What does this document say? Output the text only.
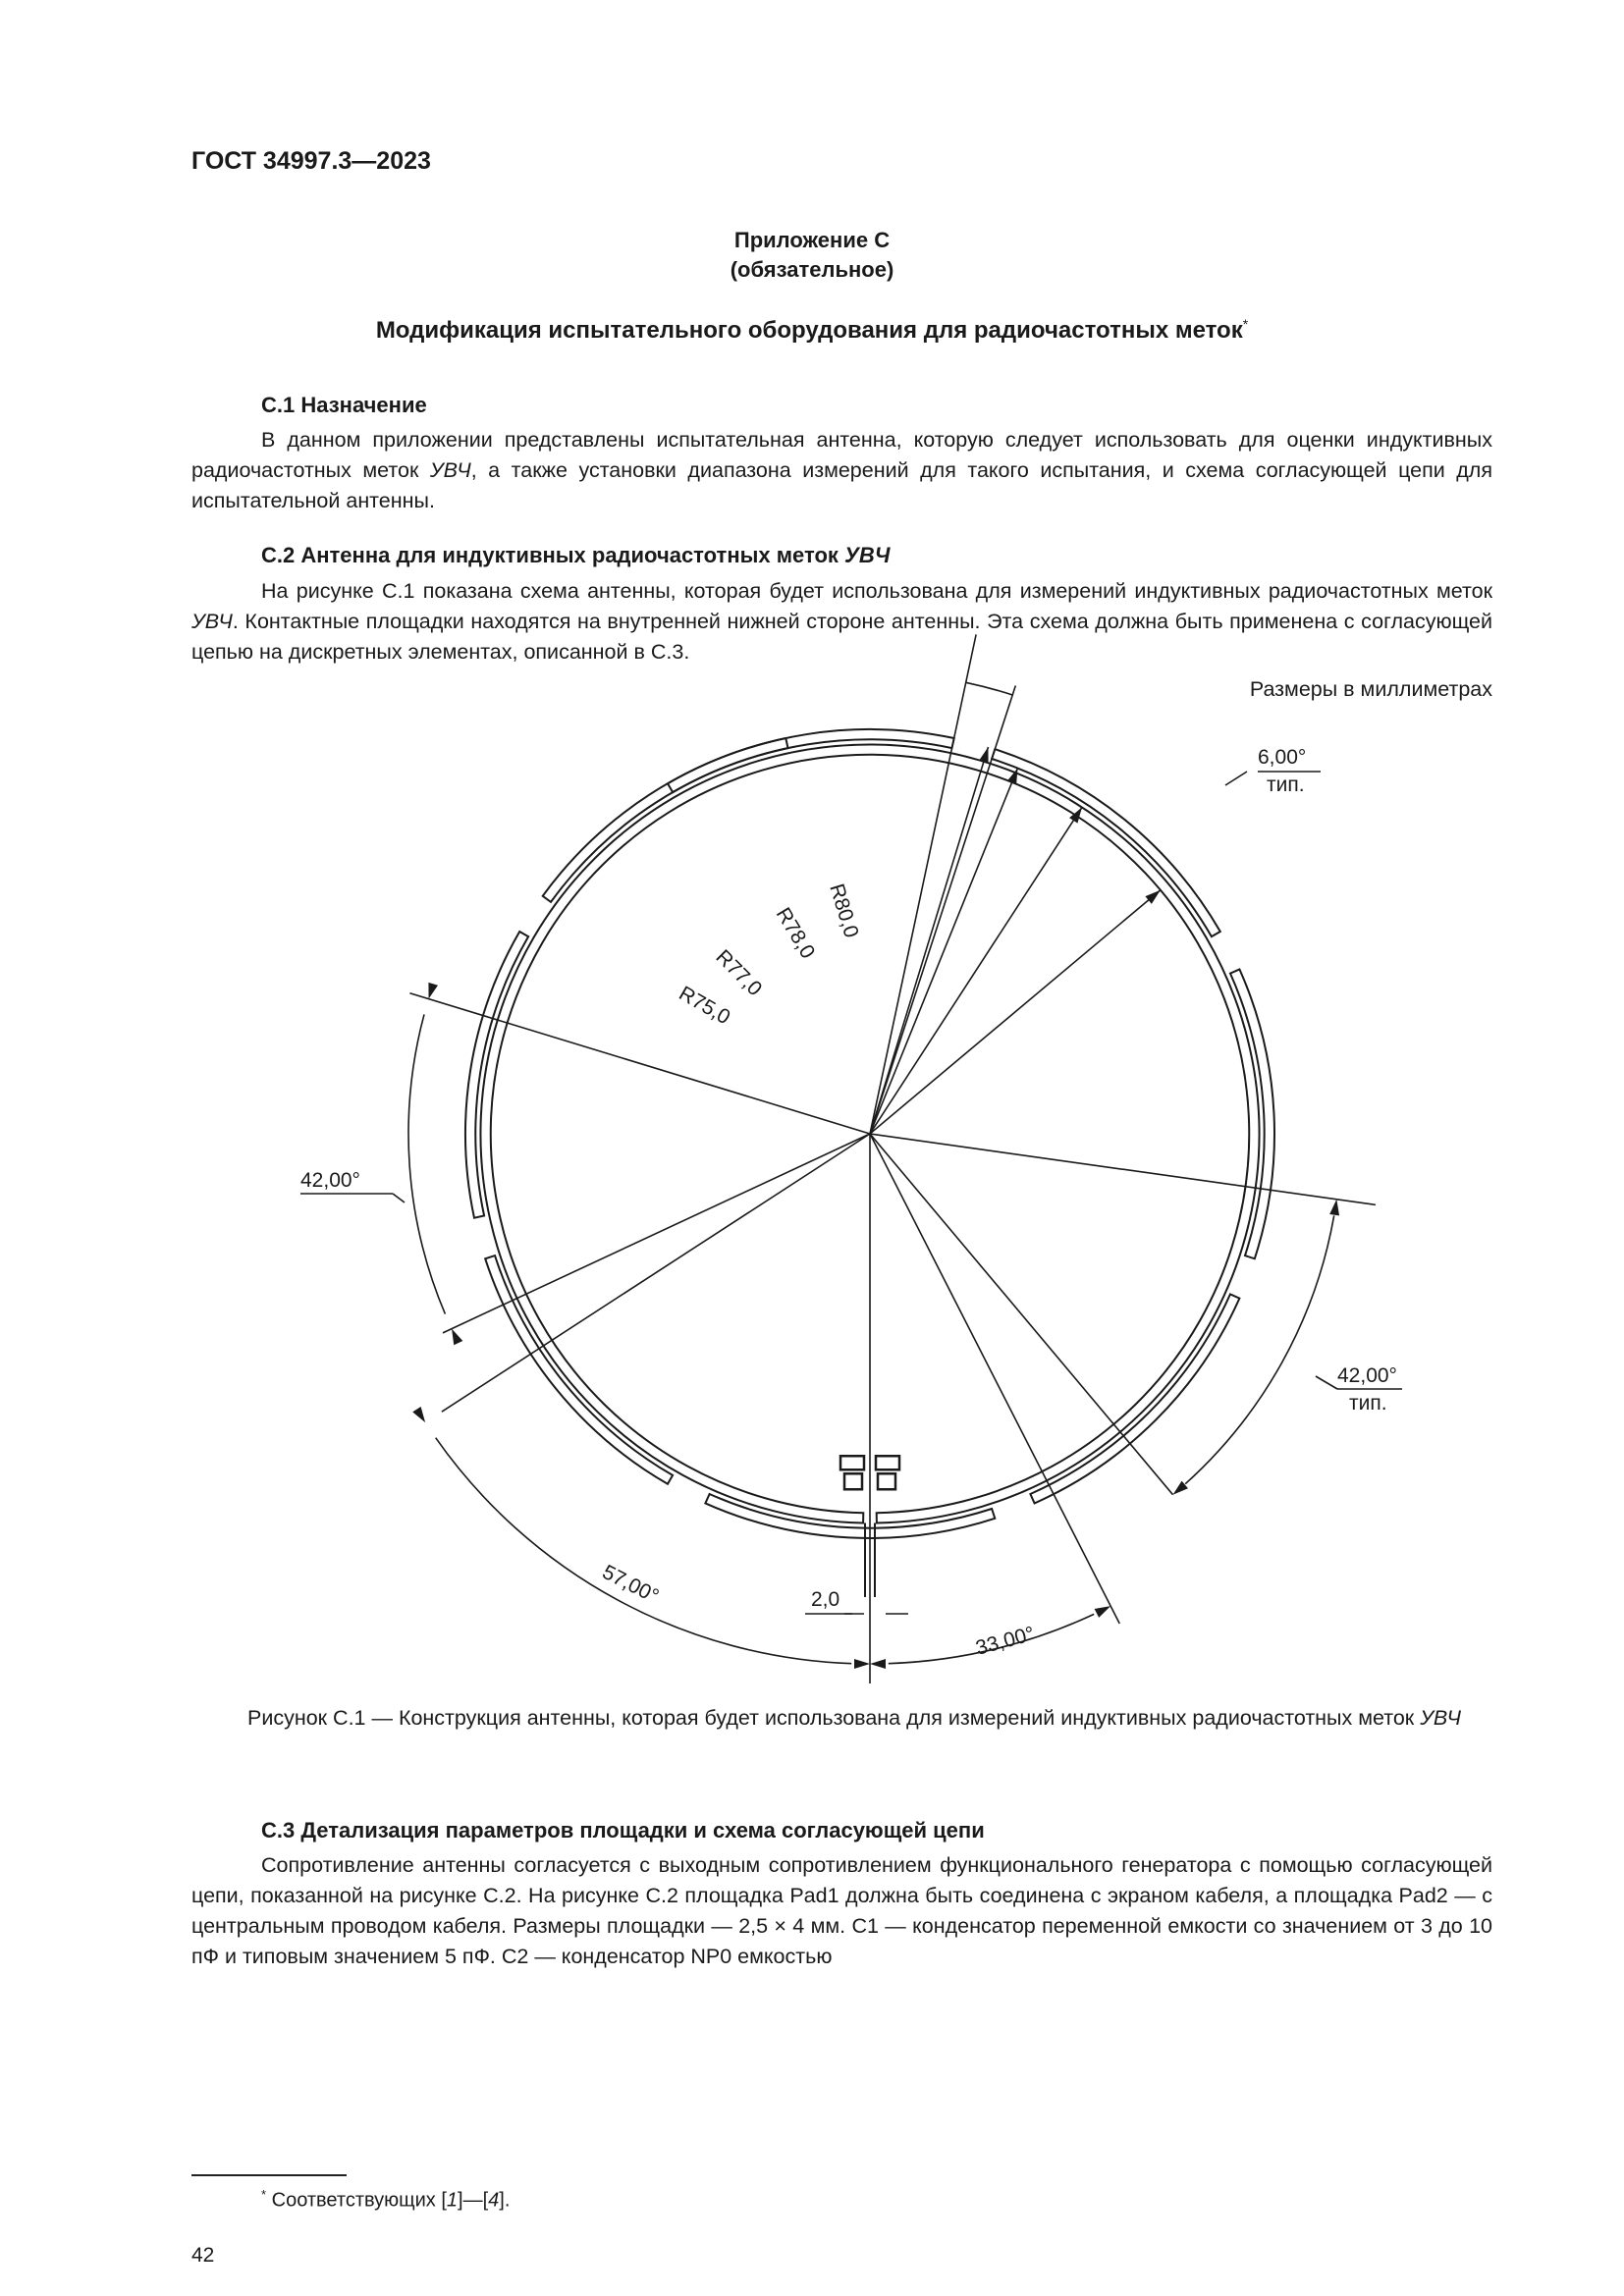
ГОСТ 34997.3—2023
Приложение С
(обязательное)
Модификация испытательного оборудования для радиочастотных меток*
С.1 Назначение
В данном приложении представлены испытательная антенна, которую следует использовать для оценки индуктивных радиочастотных меток УВЧ, а также установки диапазона измерений для такого испытания, и схема согласующей цепи для испытательной антенны.
С.2 Антенна для индуктивных радиочастотных меток УВЧ
На рисунке С.1 показана схема антенны, которая будет использована для измерений индуктивных радиочастотных меток УВЧ. Контактные площадки находятся на внутренней нижней стороне антенны. Эта схема должна быть применена с согласующей цепью на дискретных элементах, описанной в С.3.
Размеры в миллиметрах
R80,0
R78,0
R77,0
R75,0
6,00°
тип.
42,00°
42,00°
тип.
57,00°
33,00°
2,0
Рисунок С.1 — Конструкция антенны, которая будет использована для измерений индуктивных радиочастотных меток УВЧ
С.3 Детализация параметров площадки и схема согласующей цепи
Сопротивление антенны согласуется с выходным сопротивлением функционального генератора с помощью согласующей цепи, показанной на рисунке С.2. На рисунке С.2 площадка Pad1 должна быть соединена с экраном кабеля, а площадка Pad2 — с центральным проводом кабеля. Размеры площадки — 2,5 × 4 мм. С1 — конденсатор переменной емкости со значением от 3 до 10 пФ и типовым значением 5 пФ. С2 — конденсатор NP0 емкостью
* Соответствующих [1]—[4].
42
